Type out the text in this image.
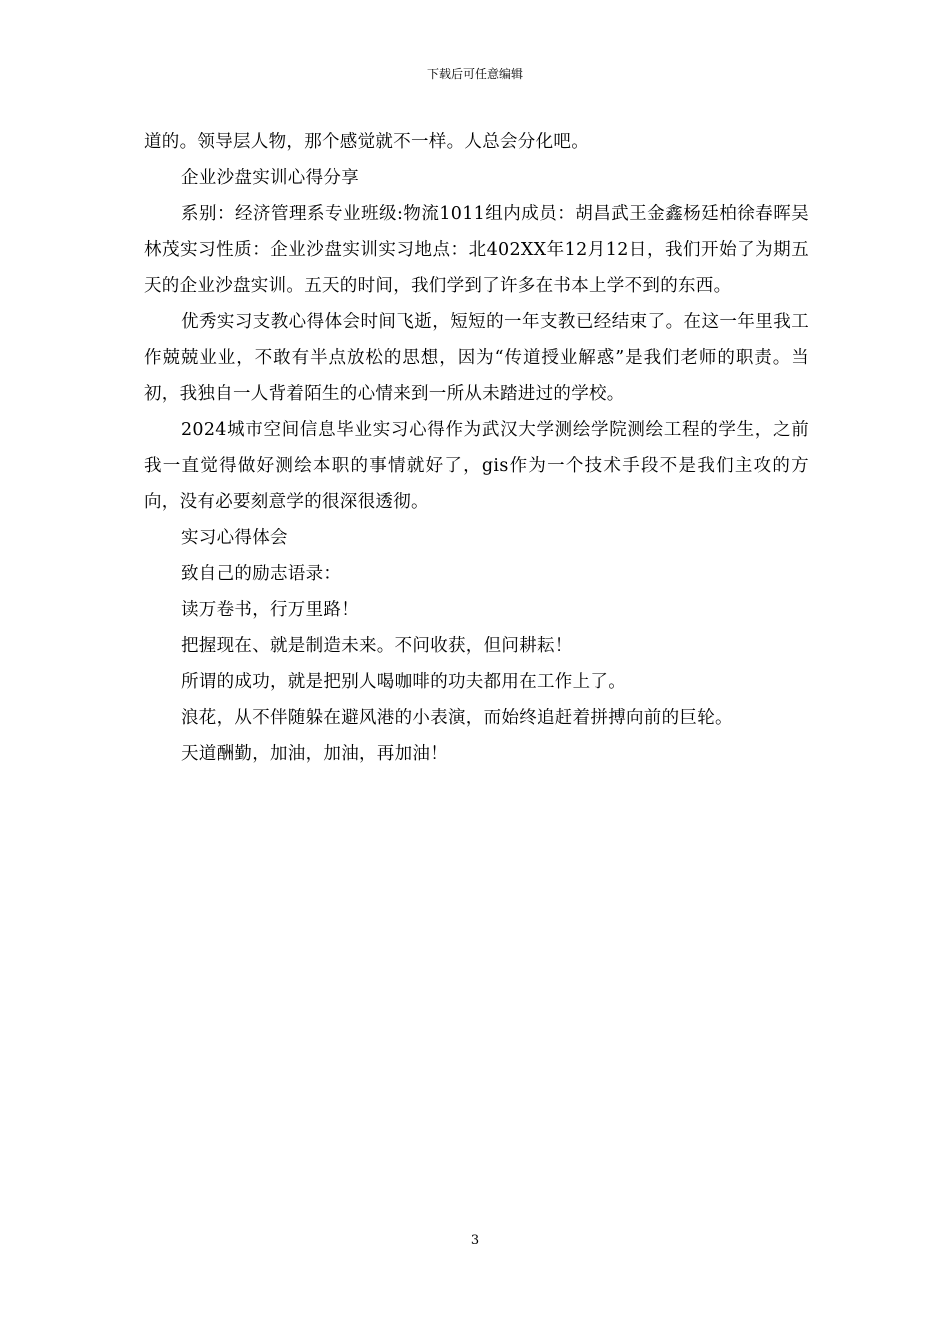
下载后可任意编辑

道的。领导层人物，那个感觉就不一样。人总会分化吧。

企业沙盘实训心得分享

系别：经济管理系专业班级:物流1011组内成员：胡昌武王金鑫杨廷柏徐春晖吴林茂实习性质：企业沙盘实训实习地点：北402XX年12月12日，我们开始了为期五天的企业沙盘实训。五天的时间，我们学到了许多在书本上学不到的东西。

优秀实习支教心得体会时间飞逝，短短的一年支教已经结束了。在这一年里我工作兢兢业业，不敢有半点放松的思想，因为“传道授业解惑”是我们老师的职责。当初，我独自一人背着陌生的心情来到一所从未踏进过的学校。

2024城市空间信息毕业实习心得作为武汉大学测绘学院测绘工程的学生，之前我一直觉得做好测绘本职的事情就好了，gis作为一个技术手段不是我们主攻的方向，没有必要刻意学的很深很透彻。

实习心得体会

致自己的励志语录：

读万卷书，行万里路！

把握现在、就是制造未来。不问收获，但问耕耘！

所谓的成功，就是把别人喝咖啡的功夫都用在工作上了。

浪花，从不伴随躲在避风港的小表演，而始终追赶着拼搏向前的巨轮。

天道酬勤，加油，加油，再加油！

3
